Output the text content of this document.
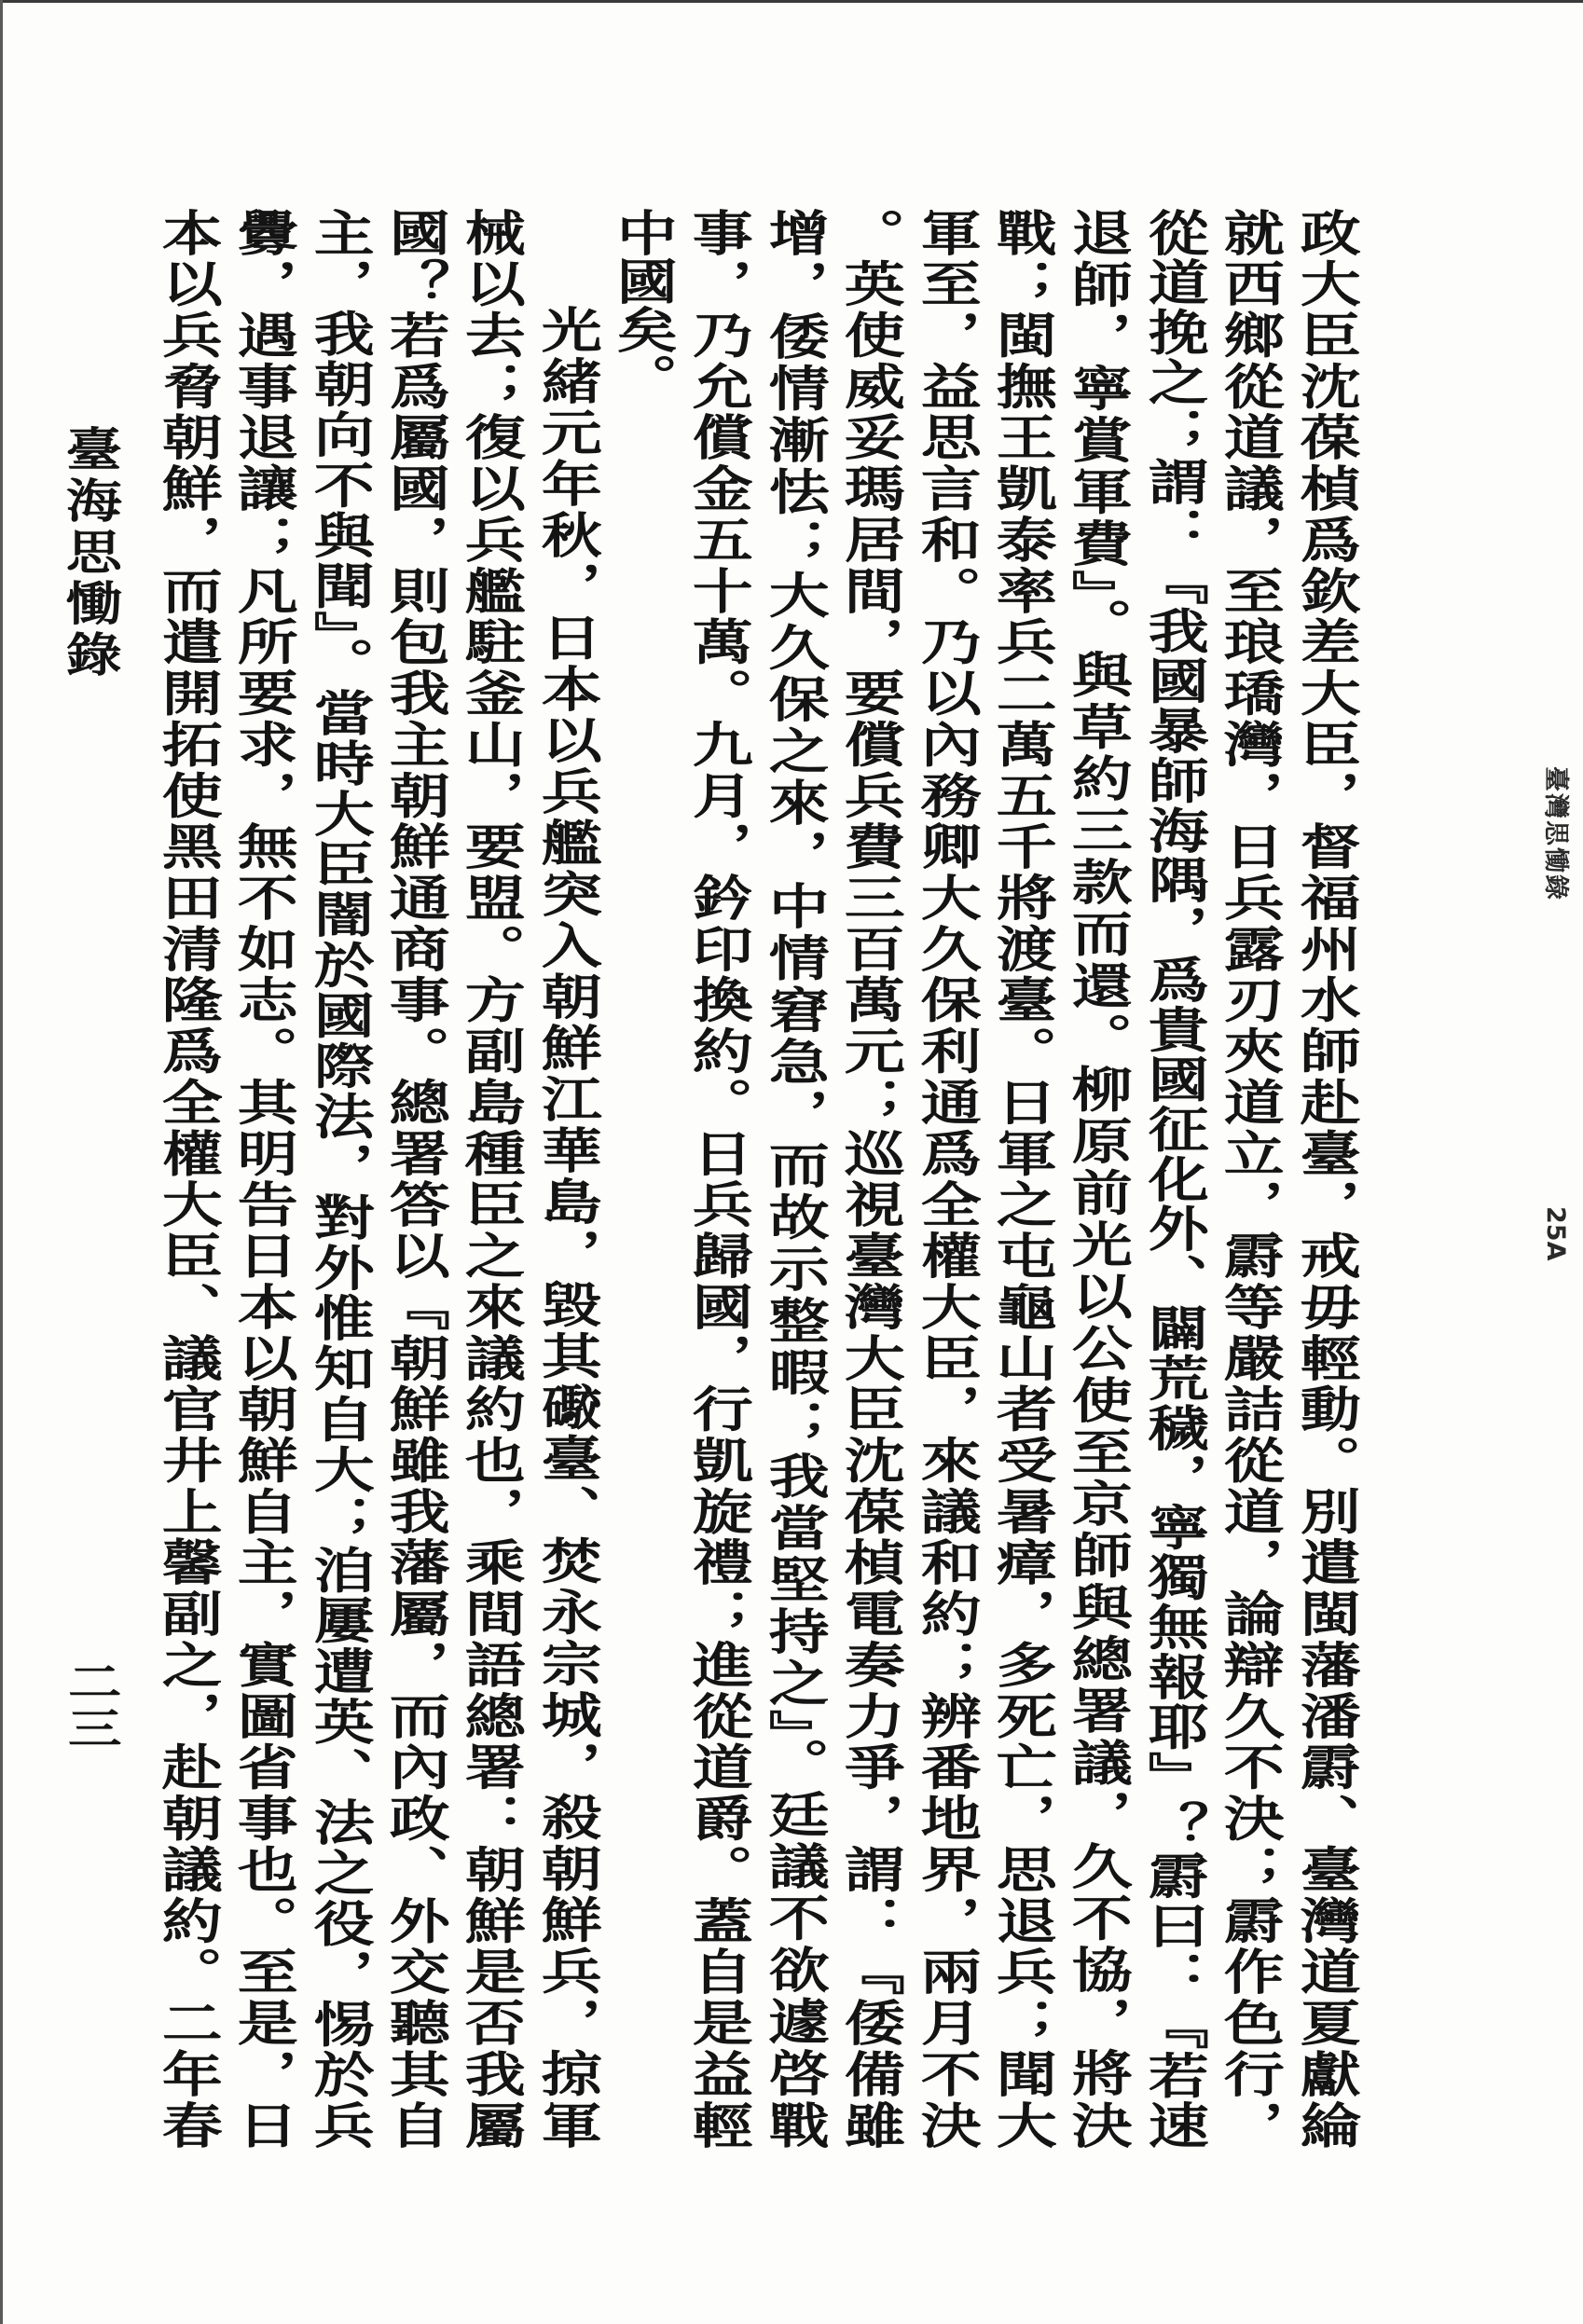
臺灣思慟錄
25A
政大臣沈葆楨爲欽差大臣，督福州水師赴臺，戒毋輕動。別遣閩藩潘霨、臺灣道夏獻綸
就西鄉從道議，至琅𤩝灣，日兵露刃夾道立，霨等嚴詰從道，論辯久不決；霨作色行，
從道挽之；謂：『我國暴師海隅，爲貴國征化外、闢荒穢，寧獨無報耶』？霨曰：『若速
退師，寧賞軍費』。與草約三款而還。柳原前光以公使至京師與總署議，久不協，將決
戰；閩撫王凱泰率兵二萬五千將渡臺。日軍之屯龜山者受暑瘴，多死亡，思退兵；聞大
軍至，益思言和。乃以內務卿大久保利通爲全權大臣，來議和約；辨番地界，兩月不決
。英使威妥瑪居間，要償兵費三百萬元；巡視臺灣大臣沈葆楨電奏力爭，謂：『倭備雖
增，倭情漸怯；大久保之來，中情窘急，而故示整暇；我當堅持之』。廷議不欲遽啓戰
事，乃允償金五十萬。九月，鈐印換約。日兵歸國，行凱旋禮；進從道爵。蓋自是益輕
中國矣。
光緒元年秋，日本以兵艦突入朝鮮江華島，毀其礮臺、焚永宗城，殺朝鮮兵，掠軍
械以去；復以兵艦駐釜山，要盟。方副島種臣之來議約也，乘間語總署：朝鮮是否我屬
國？若爲屬國，則包我主朝鮮通商事。總署答以『朝鮮雖我藩屬，而內政、外交聽其自
主，我朝向不與聞』。當時大臣闇於國際法，對外惟知自大；洎屢遭英、法之役，惕於兵
釁，遇事退讓；凡所要求，無不如志。其明告日本以朝鮮自主，實圖省事也。至是，日
本以兵脅朝鮮，而遣開拓使黑田清隆爲全權大臣、議官井上馨副之，赴朝議約。二年春
臺海思慟錄
二三
